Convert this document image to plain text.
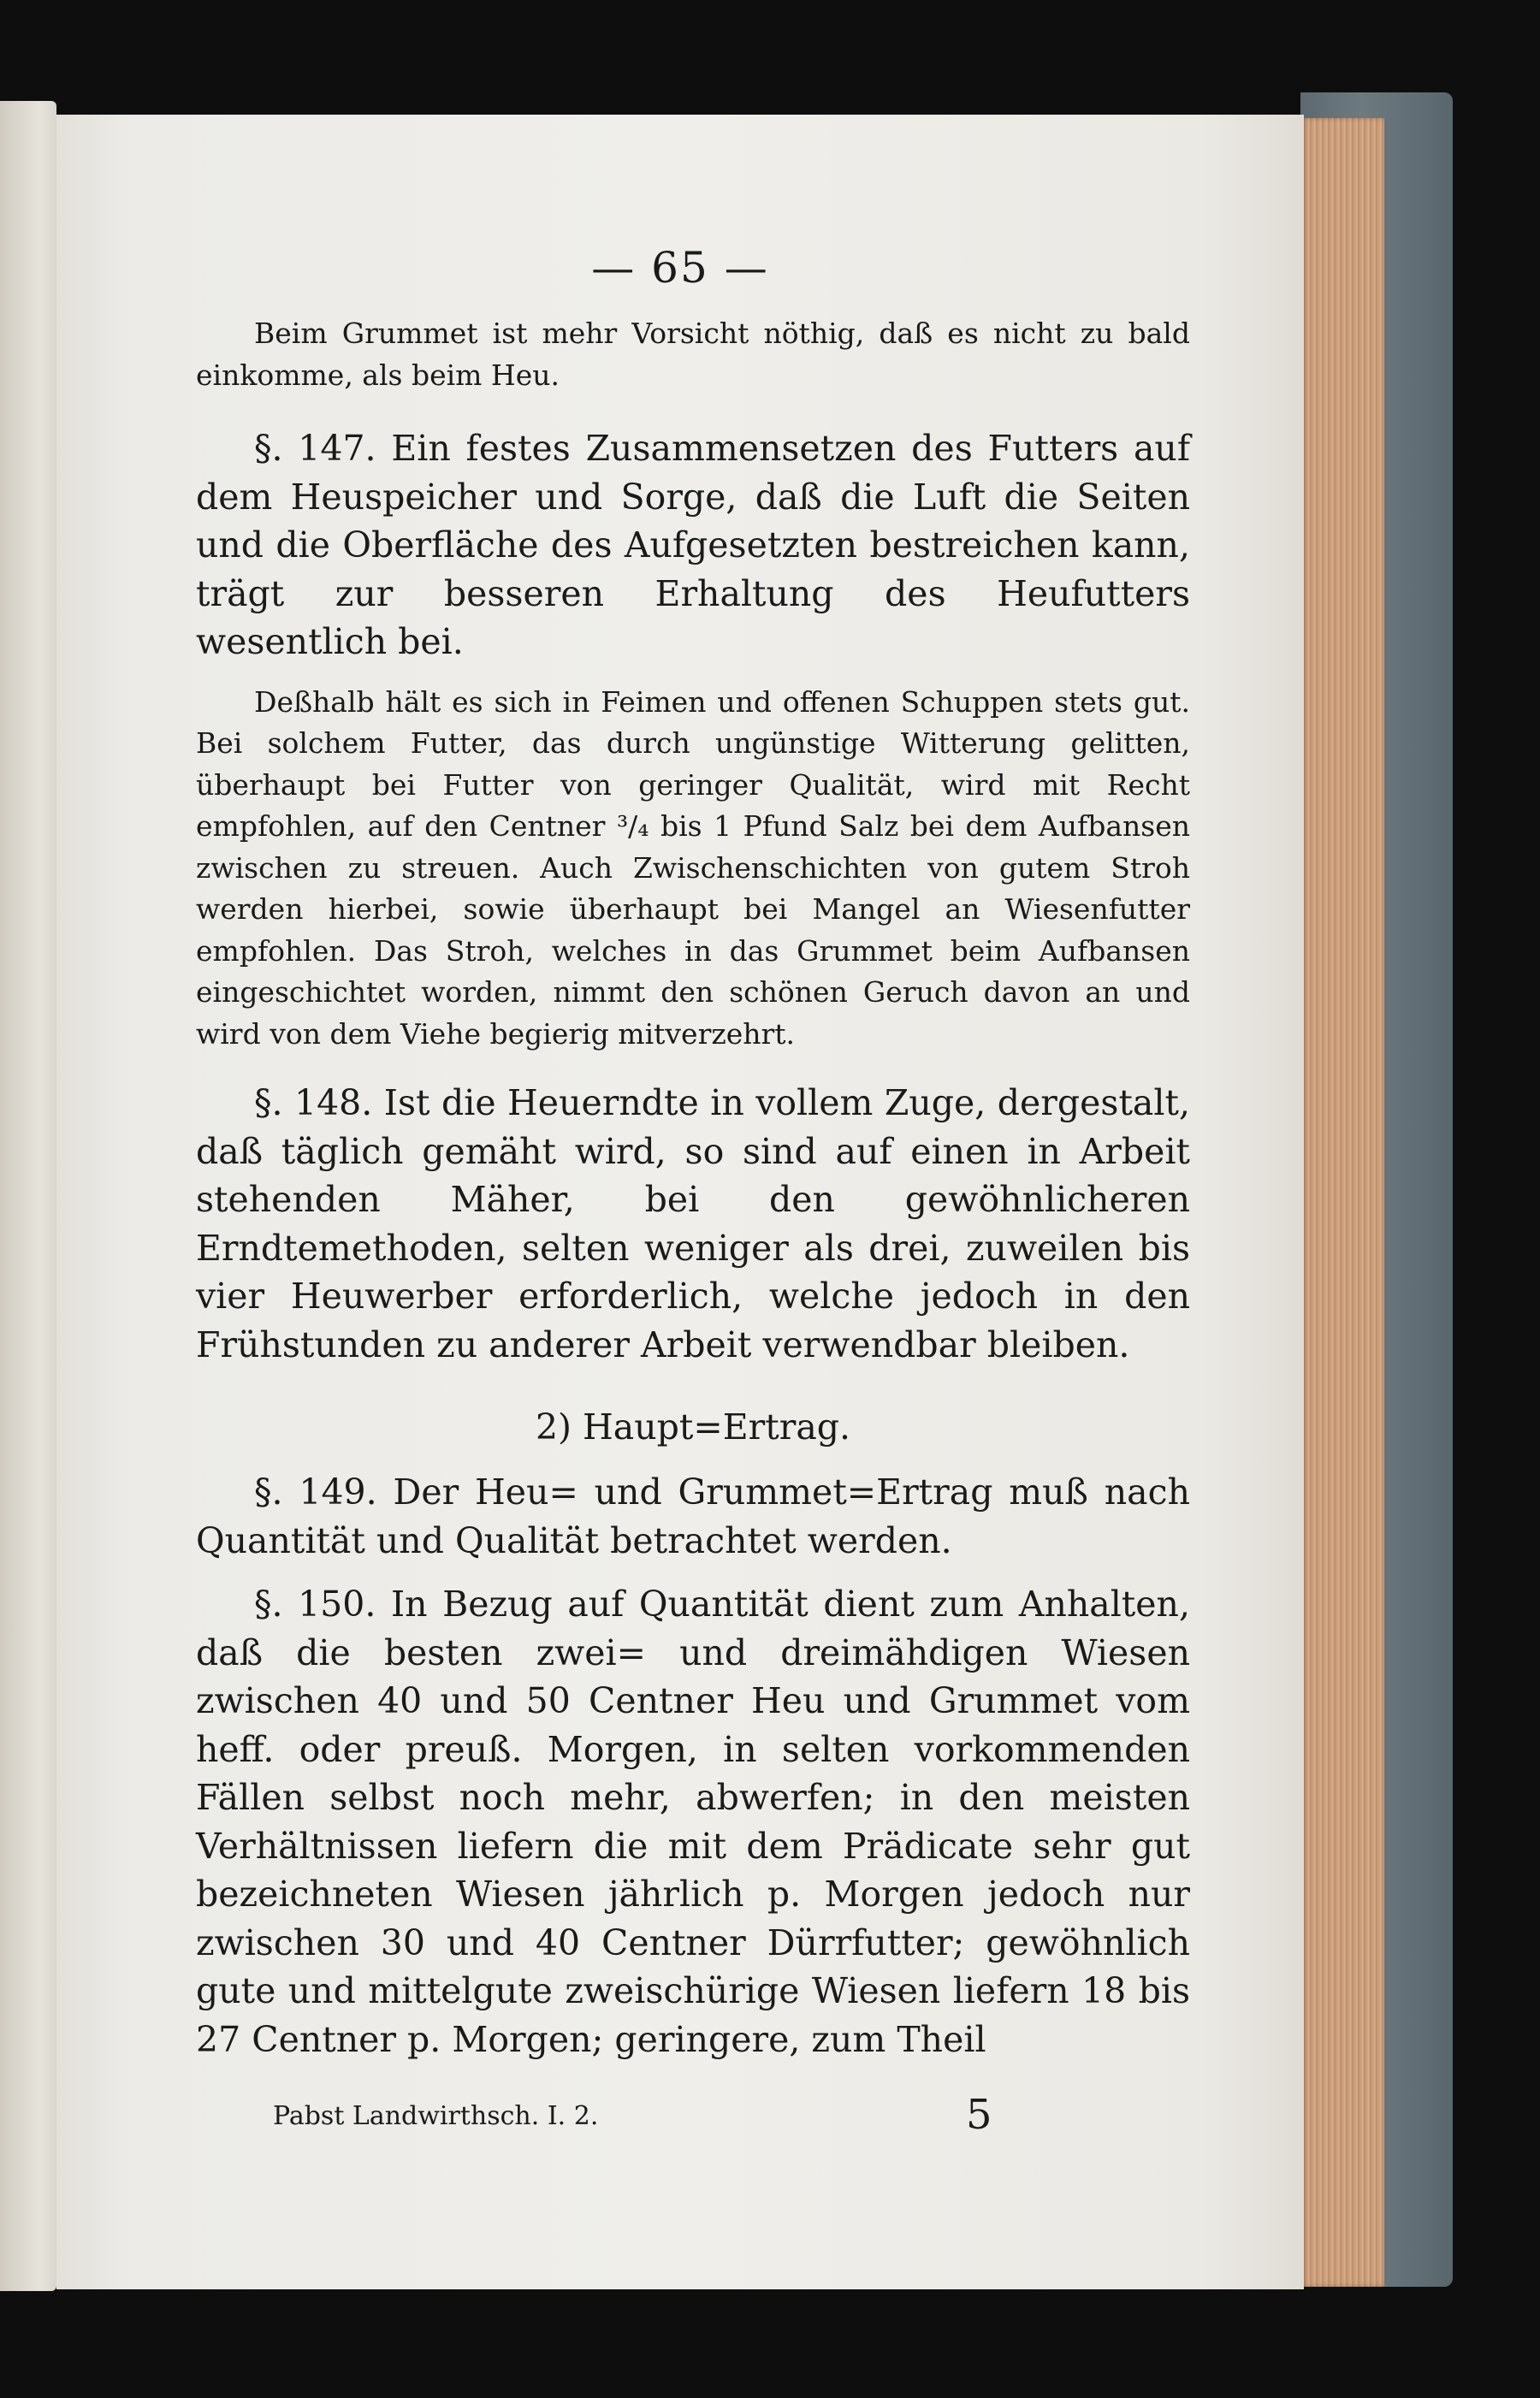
— 65 —

Beim Grummet ist mehr Vorsicht nöthig, daß es nicht zu bald einkomme, als beim Heu.

§. 147. Ein festes Zusammensetzen des Futters auf dem Heuspeicher und Sorge, daß die Luft die Seiten und die Oberfläche des Aufgesetzten bestreichen kann, trägt zur besseren Erhaltung des Heufutters wesentlich bei.

Deßhalb hält es sich in Feimen und offenen Schuppen stets gut. Bei solchem Futter, das durch ungünstige Witterung gelitten, überhaupt bei Futter von geringer Qualität, wird mit Recht empfohlen, auf den Centner ³/₄ bis 1 Pfund Salz bei dem Aufbansen zwischen zu streuen. Auch Zwischenschichten von gutem Stroh werden hierbei, sowie überhaupt bei Mangel an Wiesenfutter empfohlen. Das Stroh, welches in das Grummet beim Aufbansen eingeschichtet worden, nimmt den schönen Geruch davon an und wird von dem Viehe begierig mitverzehrt.

§. 148. Ist die Heuerndte in vollem Zuge, dergestalt, daß täglich gemäht wird, so sind auf einen in Arbeit stehenden Mäher, bei den gewöhnlicheren Erndtemethoden, selten weniger als drei, zuweilen bis vier Heuwerber erforderlich, welche jedoch in den Frühstunden zu anderer Arbeit verwendbar bleiben.

2) Haupt=Ertrag.

§. 149. Der Heu= und Grummet=Ertrag muß nach Quantität und Qualität betrachtet werden.

§. 150. In Bezug auf Quantität dient zum Anhalten, daß die besten zwei= und dreimähdigen Wiesen zwischen 40 und 50 Centner Heu und Grummet vom heff. oder preuß. Morgen, in selten vorkommenden Fällen selbst noch mehr, abwerfen; in den meisten Verhältnissen liefern die mit dem Prädicate sehr gut bezeichneten Wiesen jährlich p. Morgen jedoch nur zwischen 30 und 40 Centner Dürrfutter; gewöhnlich gute und mittelgute zweischürige Wiesen liefern 18 bis 27 Centner p. Morgen; geringere, zum Theil

Pabst Landwirthsch. I. 2.	5
